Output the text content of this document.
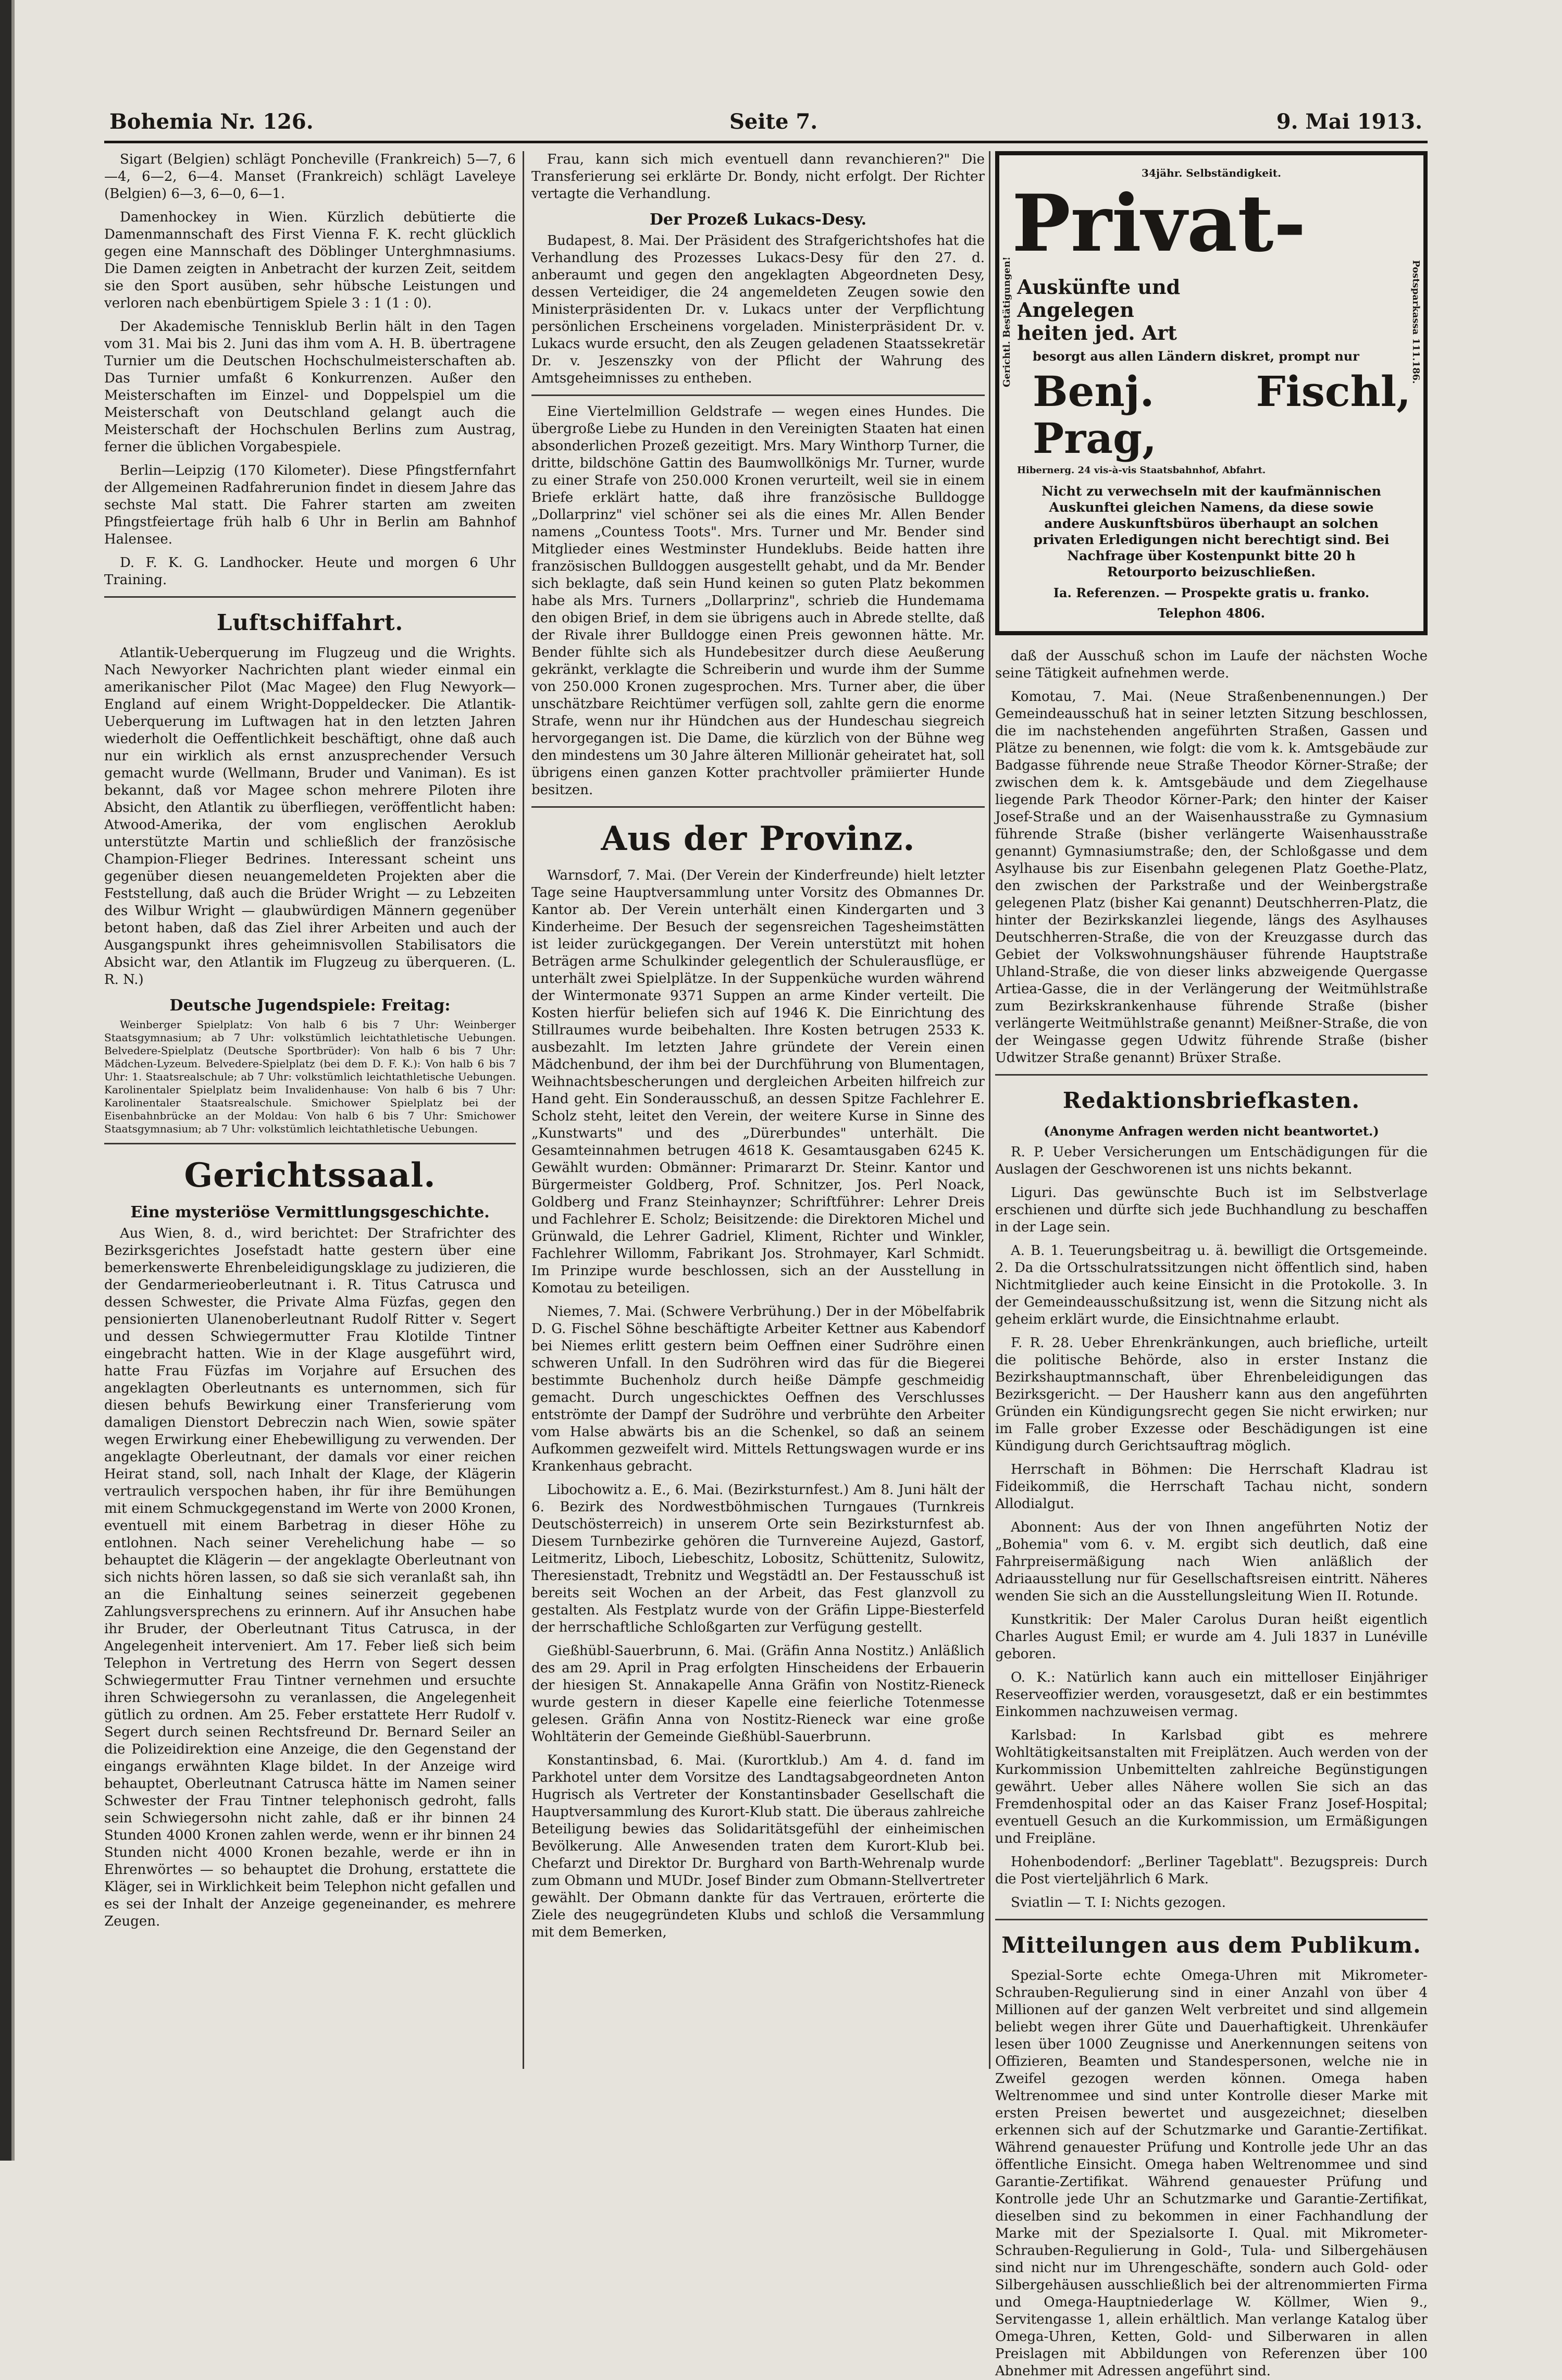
Bohemia Nr. 126.	Seite 7.	9. Mai 1913.

Sigart (Belgien) schlägt Poncheville (Frankreich) 5—7, 6—4, 6—2, 6—4. Manset (Frankreich) schlägt Laveleye (Belgien) 6—3, 6—0, 6—1.

Damenhockey in Wien. Kürzlich debütierte die Damenmannschaft des First Vienna F. K. recht glücklich gegen eine Mannschaft des Döblinger Unterghmnasiums. Die Damen zeigten in Anbetracht der kurzen Zeit, seitdem sie den Sport ausüben, sehr hübsche Leistungen und verloren nach ebenbürtigem Spiele 3 : 1 (1 : 0).

Der Akademische Tennisklub Berlin hält in den Tagen vom 31. Mai bis 2. Juni das ihm vom A. H. B. übertragene Turnier um die Deutschen Hochschulmeisterschaften ab. Das Turnier umfaßt 6 Konkurrenzen. Außer den Meisterschaften im Einzel- und Doppelspiel um die Meisterschaft von Deutschland gelangt auch die Meisterschaft der Hochschulen Berlins zum Austrag, ferner die üblichen Vorgabespiele.

Berlin—Leipzig (170 Kilometer). Diese Pfingstfernfahrt der Allgemeinen Radfahrerunion findet in diesem Jahre das sechste Mal statt. Die Fahrer starten am zweiten Pfingstfeiertage früh halb 6 Uhr in Berlin am Bahnhof Halensee.

D. F. K. G. Landhocker. Heute und morgen 6 Uhr Training.

Luftschiffahrt.

Atlantik-Ueberquerung im Flugzeug und die Wrights. Nach Newyorker Nachrichten plant wieder einmal ein amerikanischer Pilot (Mac Magee) den Flug Newyork—England auf einem Wright-Doppeldecker. Die Atlantik-Ueberquerung im Luftwagen hat in den letzten Jahren wiederholt die Oeffentlichkeit beschäftigt, ohne daß auch nur ein wirklich als ernst anzusprechender Versuch gemacht wurde (Wellmann, Bruder und Vaniman). Es ist bekannt, daß vor Magee schon mehrere Piloten ihre Absicht, den Atlantik zu überfliegen, veröffentlicht haben: Atwood-Amerika, der vom englischen Aeroklub unterstützte Martin und schließlich der französische Champion-Flieger Bedrines. Interessant scheint uns gegenüber diesen neuangemeldeten Projekten aber die Feststellung, daß auch die Brüder Wright — zu Lebzeiten des Wilbur Wright — glaubwürdigen Männern gegenüber betont haben, daß das Ziel ihrer Arbeiten und auch der Ausgangspunkt ihres geheimnisvollen Stabilisators die Absicht war, den Atlantik im Flugzeug zu überqueren. (L. R. N.)

Deutsche Jugendspiele: Freitag:

Weinberger Spielplatz: Von halb 6 bis 7 Uhr: Weinberger Staatsgymnasium; ab 7 Uhr: volkstümlich leichtathletische Uebungen. Belvedere-Spielplatz (Deutsche Sportbrüder): Von halb 6 bis 7 Uhr: Mädchen-Lyzeum. Belvedere-Spielplatz (bei dem D. F. K.): Von halb 6 bis 7 Uhr: 1. Staatsrealschule; ab 7 Uhr: volkstümlich leichtathletische Uebungen. Karolinentaler Spielplatz beim Invalidenhause: Von halb 6 bis 7 Uhr: Karolinentaler Staatsrealschule. Smichower Spielplatz bei der Eisenbahnbrücke an der Moldau: Von halb 6 bis 7 Uhr: Smichower Staatsgymnasium; ab 7 Uhr: volkstümlich leichtathletische Uebungen.

Gerichtssaal.
Eine mysteriöse Vermittlungsgeschichte.

Aus Wien, 8. d., wird berichtet: Der Strafrichter des Bezirksgerichtes Josefstadt hatte gestern über eine bemerkenswerte Ehrenbeleidigungsklage zu judizieren, die der Gendarmerieoberleutnant i. R. Titus Catrusca und dessen Schwester, die Private Alma Füzfas, gegen den pensionierten Ulanenoberleutnant Rudolf Ritter v. Segert und dessen Schwiegermutter Frau Klotilde Tintner eingebracht hatten. Wie in der Klage ausgeführt wird, hatte Frau Füzfas im Vorjahre auf Ersuchen des angeklagten Oberleutnants es unternommen, sich für diesen behufs Bewirkung einer Transferierung vom damaligen Dienstort Debreczin nach Wien, sowie später wegen Erwirkung einer Ehebewilligung zu verwenden. Der angeklagte Oberleutnant, der damals vor einer reichen Heirat stand, soll, nach Inhalt der Klage, der Klägerin vertraulich verspochen haben, ihr für ihre Bemühungen mit einem Schmuckgegenstand im Werte von 2000 Kronen, eventuell mit einem Barbetrag in dieser Höhe zu entlohnen. Nach seiner Verehelichung habe — so behauptet die Klägerin — der angeklagte Oberleutnant von sich nichts hören lassen, so daß sie sich veranlaßt sah, ihn an die Einhaltung seines seinerzeit gegebenen Zahlungsversprechens zu erinnern. Auf ihr Ansuchen habe ihr Bruder, der Oberleutnant Titus Catrusca, in der Angelegenheit interveniert. Am 17. Feber ließ sich beim Telephon in Vertretung des Herrn von Segert dessen Schwiegermutter Frau Tintner vernehmen und ersuchte ihren Schwiegersohn zu veranlassen, die Angelegenheit gütlich zu ordnen. Am 25. Feber erstattete Herr Rudolf v. Segert durch seinen Rechtsfreund Dr. Bernard Seiler an die Polizeidirektion eine Anzeige, die den Gegenstand der eingangs erwähnten Klage bildet. In der Anzeige wird behauptet, Oberleutnant Catrusca hätte im Namen seiner Schwester der Frau Tintner telephonisch gedroht, falls sein Schwiegersohn nicht zahle, daß er ihr binnen 24 Stunden 4000 Kronen zahlen werde, wenn er ihr binnen 24 Stunden nicht 4000 Kronen bezahle, werde er ihn in Ehrenwörtes — so behauptet die Drohung, erstattete die Kläger, sei in Wirklichkeit beim Telephon nicht gefallen und es sei der Inhalt der Anzeige gegeneinander, es mehrere Zeugen.

Frau, kann sich mich eventuell dann revanchieren?" Die Transferierung sei erklärte Dr. Bondy, nicht erfolgt. Der Richter vertagte die Verhandlung.

Der Prozeß Lukacs-Desy.

Budapest, 8. Mai. Der Präsident des Strafgerichtshofes hat die Verhandlung des Prozesses Lukacs-Desy für den 27. d. anberaumt und gegen den angeklagten Abgeordneten Desy, dessen Verteidiger, die 24 angemeldeten Zeugen sowie den Ministerpräsidenten Dr. v. Lukacs unter der Verpflichtung persönlichen Erscheinens vorgeladen. Ministerpräsident Dr. v. Lukacs wurde ersucht, den als Zeugen geladenen Staatssekretär Dr. v. Jeszenszky von der Pflicht der Wahrung des Amtsgeheimnisses zu entheben.

Eine Viertelmillion Geldstrafe — wegen eines Hundes. Die übergroße Liebe zu Hunden in den Vereinigten Staaten hat einen absonderlichen Prozeß gezeitigt. Mrs. Mary Winthorp Turner, die dritte, bildschöne Gattin des Baumwollkönigs Mr. Turner, wurde zu einer Strafe von 250.000 Kronen verurteilt, weil sie in einem Briefe erklärt hatte, daß ihre französische Bulldogge „Dollarprinz" viel schöner sei als die eines Mr. Allen Bender namens „Countess Toots". Mrs. Turner und Mr. Bender sind Mitglieder eines Westminster Hundeklubs. Beide hatten ihre französischen Bulldoggen ausgestellt gehabt, und da Mr. Bender sich beklagte, daß sein Hund keinen so guten Platz bekommen habe als Mrs. Turners „Dollarprinz", schrieb die Hundemama den obigen Brief, in dem sie übrigens auch in Abrede stellte, daß der Rivale ihrer Bulldogge einen Preis gewonnen hätte. Mr. Bender fühlte sich als Hundebesitzer durch diese Aeußerung gekränkt, verklagte die Schreiberin und wurde ihm der Summe von 250.000 Kronen zugesprochen. Mrs. Turner aber, die über unschätzbare Reichtümer verfügen soll, zahlte gern die enorme Strafe, wenn nur ihr Hündchen aus der Hundeschau siegreich hervorgegangen ist. Die Dame, die kürzlich von der Bühne weg den mindestens um 30 Jahre älteren Millionär geheiratet hat, soll übrigens einen ganzen Kotter prachtvoller prämiierter Hunde besitzen.

Aus der Provinz.

Warnsdorf, 7. Mai. (Der Verein der Kinderfreunde) hielt letzter Tage seine Hauptversammlung unter Vorsitz des Obmannes Dr. Kantor ab. Der Verein unterhält einen Kindergarten und 3 Kinderheime. Der Besuch der segensreichen Tagesheimstätten ist leider zurückgegangen. Der Verein unterstützt mit hohen Beträgen arme Schulkinder gelegentlich der Schulerausflüge, er unterhält zwei Spielplätze. In der Suppenküche wurden während der Wintermonate 9371 Suppen an arme Kinder verteilt. Die Kosten hierfür beliefen sich auf 1946 K. Die Einrichtung des Stillraumes wurde beibehalten. Ihre Kosten betrugen 2533 K. ausbezahlt. Im letzten Jahre gründete der Verein einen Mädchenbund, der ihm bei der Durchführung von Blumentagen, Weihnachtsbescherungen und dergleichen Arbeiten hilfreich zur Hand geht. Ein Sonderausschuß, an dessen Spitze Fachlehrer E. Scholz steht, leitet den Verein, der weitere Kurse in Sinne des „Kunstwarts" und des „Dürerbundes" unterhält. Die Gesamteinnahmen betrugen 4618 K. Gesamtausgaben 6245 K. Gewählt wurden: Obmänner: Primararzt Dr. Steinr. Kantor und Bürgermeister Goldberg, Prof. Schnitzer, Jos. Perl Noack, Goldberg und Franz Steinhaynzer; Schriftführer: Lehrer Dreis und Fachlehrer E. Scholz; Beisitzende: die Direktoren Michel und Grünwald, die Lehrer Gadriel, Kliment, Richter und Winkler, Fachlehrer Willomm, Fabrikant Jos. Strohmayer, Karl Schmidt. Im Prinzipe wurde beschlossen, sich an der Ausstellung in Komotau zu beteiligen.

Niemes, 7. Mai. (Schwere Verbrühung.) Der in der Möbelfabrik D. G. Fischel Söhne beschäftigte Arbeiter Kettner aus Kabendorf bei Niemes erlitt gestern beim Oeffnen einer Sudröhre einen schweren Unfall. In den Sudröhren wird das für die Biegerei bestimmte Buchenholz durch heiße Dämpfe geschmeidig gemacht. Durch ungeschicktes Oeffnen des Verschlusses entströmte der Dampf der Sudröhre und verbrühte den Arbeiter vom Halse abwärts bis an die Schenkel, so daß an seinem Aufkommen gezweifelt wird. Mittels Rettungswagen wurde er ins Krankenhaus gebracht.

Libochowitz a. E., 6. Mai. (Bezirksturnfest.) Am 8. Juni hält der 6. Bezirk des Nordwestböhmischen Turngaues (Turnkreis Deutschösterreich) in unserem Orte sein Bezirksturnfest ab. Diesem Turnbezirke gehören die Turnvereine Aujezd, Gastorf, Leitmeritz, Liboch, Liebeschitz, Lobositz, Schüttenitz, Sulowitz, Theresienstadt, Trebnitz und Wegstädtl an. Der Festausschuß ist bereits seit Wochen an der Arbeit, das Fest glanzvoll zu gestalten. Als Festplatz wurde von der Gräfin Lippe-Biesterfeld der herrschaftliche Schloßgarten zur Verfügung gestellt.

Gießhübl-Sauerbrunn, 6. Mai. (Gräfin Anna Nostitz.) Anläßlich des am 29. April in Prag erfolgten Hinscheidens der Erbauerin der hiesigen St. Annakapelle Anna Gräfin von Nostitz-Rieneck wurde gestern in dieser Kapelle eine feierliche Totenmesse gelesen. Gräfin Anna von Nostitz-Rieneck war eine große Wohltäterin der Gemeinde Gießhübl-Sauerbrunn.

Konstantinsbad, 6. Mai. (Kurortklub.) Am 4. d. fand im Parkhotel unter dem Vorsitze des Landtagsabgeordneten Anton Hugrisch als Vertreter der Konstantinsbader Gesellschaft die Hauptversammlung des Kurort-Klub statt. Die überaus zahlreiche Beteiligung bewies das Solidaritätsgefühl der einheimischen Bevölkerung. Alle Anwesenden traten dem Kurort-Klub bei. Chefarzt und Direktor Dr. Burghard von Barth-Wehrenalp wurde zum Obmann und MUDr. Josef Binder zum Obmann-Stellvertreter gewählt. Der Obmann dankte für das Vertrauen, erörterte die Ziele des neugegründeten Klubs und schloß die Versammlung mit dem Bemerken,

Gerichtl. Bestätigungen!	Postsparkassa 111.186.
34jähr. Selbständigkeit.
Privat-
Auskünfte und
Angelegen
heiten jed. Art
besorgt aus allen Ländern diskret, prompt nur
Benj. Fischl, Prag, Hibernerg. 24 vis-à-vis Staatsbahnhof, Abfahrt.
Nicht zu verwechseln mit der kaufmännischen Auskunftei gleichen Namens, da diese sowie andere Auskunftsbüros überhaupt an solchen privaten Erledigungen nicht berechtigt sind. Bei Nachfrage über Kostenpunkt bitte 20 h Retourporto beizuschließen.
Ia. Referenzen. — Prospekte gratis u. franko.
Telephon 4806.

daß der Ausschuß schon im Laufe der nächsten Woche seine Tätigkeit aufnehmen werde.

Komotau, 7. Mai. (Neue Straßenbenennungen.) Der Gemeindeausschuß hat in seiner letzten Sitzung beschlossen, die im nachstehenden angeführten Straßen, Gassen und Plätze zu benennen, wie folgt: die vom k. k. Amtsgebäude zur Badgasse führende neue Straße Theodor Körner-Straße; der zwischen dem k. k. Amtsgebäude und dem Ziegelhause liegende Park Theodor Körner-Park; den hinter der Kaiser Josef-Straße und an der Waisenhausstraße zu Gymnasium führende Straße (bisher verlängerte Waisenhausstraße genannt) Gymnasiumstraße; den, der Schloßgasse und dem Asylhause bis zur Eisenbahn gelegenen Platz Goethe-Platz, den zwischen der Parkstraße und der Weinbergstraße gelegenen Platz (bisher Kai genannt) Deutschherren-Platz, die hinter der Bezirkskanzlei liegende, längs des Asylhauses Deutschherren-Straße, die von der Kreuzgasse durch das Gebiet der Volkswohnungshäuser führende Hauptstraße Uhland-Straße, die von dieser links abzweigende Quergasse Artiea-Gasse, die in der Verlängerung der Weitmühlstraße zum Bezirkskrankenhause führende Straße (bisher verlängerte Weitmühlstraße genannt) Meißner-Straße, die von der Weingasse gegen Udwitz führende Straße (bisher Udwitzer Straße genannt) Brüxer Straße.

Redaktionsbriefkasten.
(Anonyme Anfragen werden nicht beantwortet.)

R. P. Ueber Versicherungen um Entschädigungen für die Auslagen der Geschworenen ist uns nichts bekannt.

Liguri. Das gewünschte Buch ist im Selbstverlage erschienen und dürfte sich jede Buchhandlung zu beschaffen in der Lage sein.

A. B. 1. Teuerungsbeitrag u. ä. bewilligt die Ortsgemeinde. 2. Da die Ortsschulratssitzungen nicht öffentlich sind, haben Nichtmitglieder auch keine Einsicht in die Protokolle. 3. In der Gemeindeausschußsitzung ist, wenn die Sitzung nicht als geheim erklärt wurde, die Einsichtnahme erlaubt.

F. R. 28. Ueber Ehrenkränkungen, auch briefliche, urteilt die politische Behörde, also in erster Instanz die Bezirkshauptmannschaft, über Ehrenbeleidigungen das Bezirksgericht. — Der Hausherr kann aus den angeführten Gründen ein Kündigungsrecht gegen Sie nicht erwirken; nur im Falle grober Exzesse oder Beschädigungen ist eine Kündigung durch Gerichtsauftrag möglich.

Herrschaft in Böhmen: Die Herrschaft Kladrau ist Fideikommiß, die Herrschaft Tachau nicht, sondern Allodialgut.

Abonnent: Aus der von Ihnen angeführten Notiz der „Bohemia" vom 6. v. M. ergibt sich deutlich, daß eine Fahrpreisermäßigung nach Wien anläßlich der Adriaausstellung nur für Gesellschaftsreisen eintritt. Näheres wenden Sie sich an die Ausstellungsleitung Wien II. Rotunde.

Kunstkritik: Der Maler Carolus Duran heißt eigentlich Charles August Emil; er wurde am 4. Juli 1837 in Lunéville geboren.

O. K.: Natürlich kann auch ein mittelloser Einjähriger Reserveoffizier werden, vorausgesetzt, daß er ein bestimmtes Einkommen nachzuweisen vermag.

Karlsbad: In Karlsbad gibt es mehrere Wohltätigkeitsanstalten mit Freiplätzen. Auch werden von der Kurkommission Unbemittelten zahlreiche Begünstigungen gewährt. Ueber alles Nähere wollen Sie sich an das Fremdenhospital oder an das Kaiser Franz Josef-Hospital; eventuell Gesuch an die Kurkommission, um Ermäßigungen und Freipläne.

Hohenbodendorf: „Berliner Tageblatt". Bezugspreis: Durch die Post vierteljährlich 6 Mark.

Sviatlin — T. I: Nichts gezogen.

Mitteilungen aus dem Publikum.

Spezial-Sorte echte Omega-Uhren mit Mikrometer-Schrauben-Regulierung sind in einer Anzahl von über 4 Millionen auf der ganzen Welt verbreitet und sind allgemein beliebt wegen ihrer Güte und Dauerhaftigkeit. Uhrenkäufer lesen über 1000 Zeugnisse und Anerkennungen seitens von Offizieren, Beamten und Standespersonen, welche nie in Zweifel gezogen werden können. Omega haben Weltrenommee und sind unter Kontrolle dieser Marke mit ersten Preisen bewertet und ausgezeichnet; dieselben erkennen sich auf der Schutzmarke und Garantie-Zertifikat. Während genauester Prüfung und Kontrolle jede Uhr an das öffentliche Einsicht. Omega haben Weltrenommee und sind Garantie-Zertifikat. Während genauester Prüfung und Kontrolle jede Uhr an Schutzmarke und Garantie-Zertifikat, dieselben sind zu bekommen in einer Fachhandlung der Marke mit der Spezialsorte I. Qual. mit Mikrometer-Schrauben-Regulierung in Gold-, Tula- und Silbergehäusen sind nicht nur im Uhrengeschäfte, sondern auch Gold- oder Silbergehäusen ausschließlich bei der altrenommierten Firma und Omega-Hauptniederlage W. Köllmer, Wien 9., Servitengasse 1, allein erhältlich. Man verlange Katalog über Omega-Uhren, Ketten, Gold- und Silberwaren in allen Preislagen mit Abbildungen von Referenzen über 100 Abnehmer mit Adressen angeführt sind.
